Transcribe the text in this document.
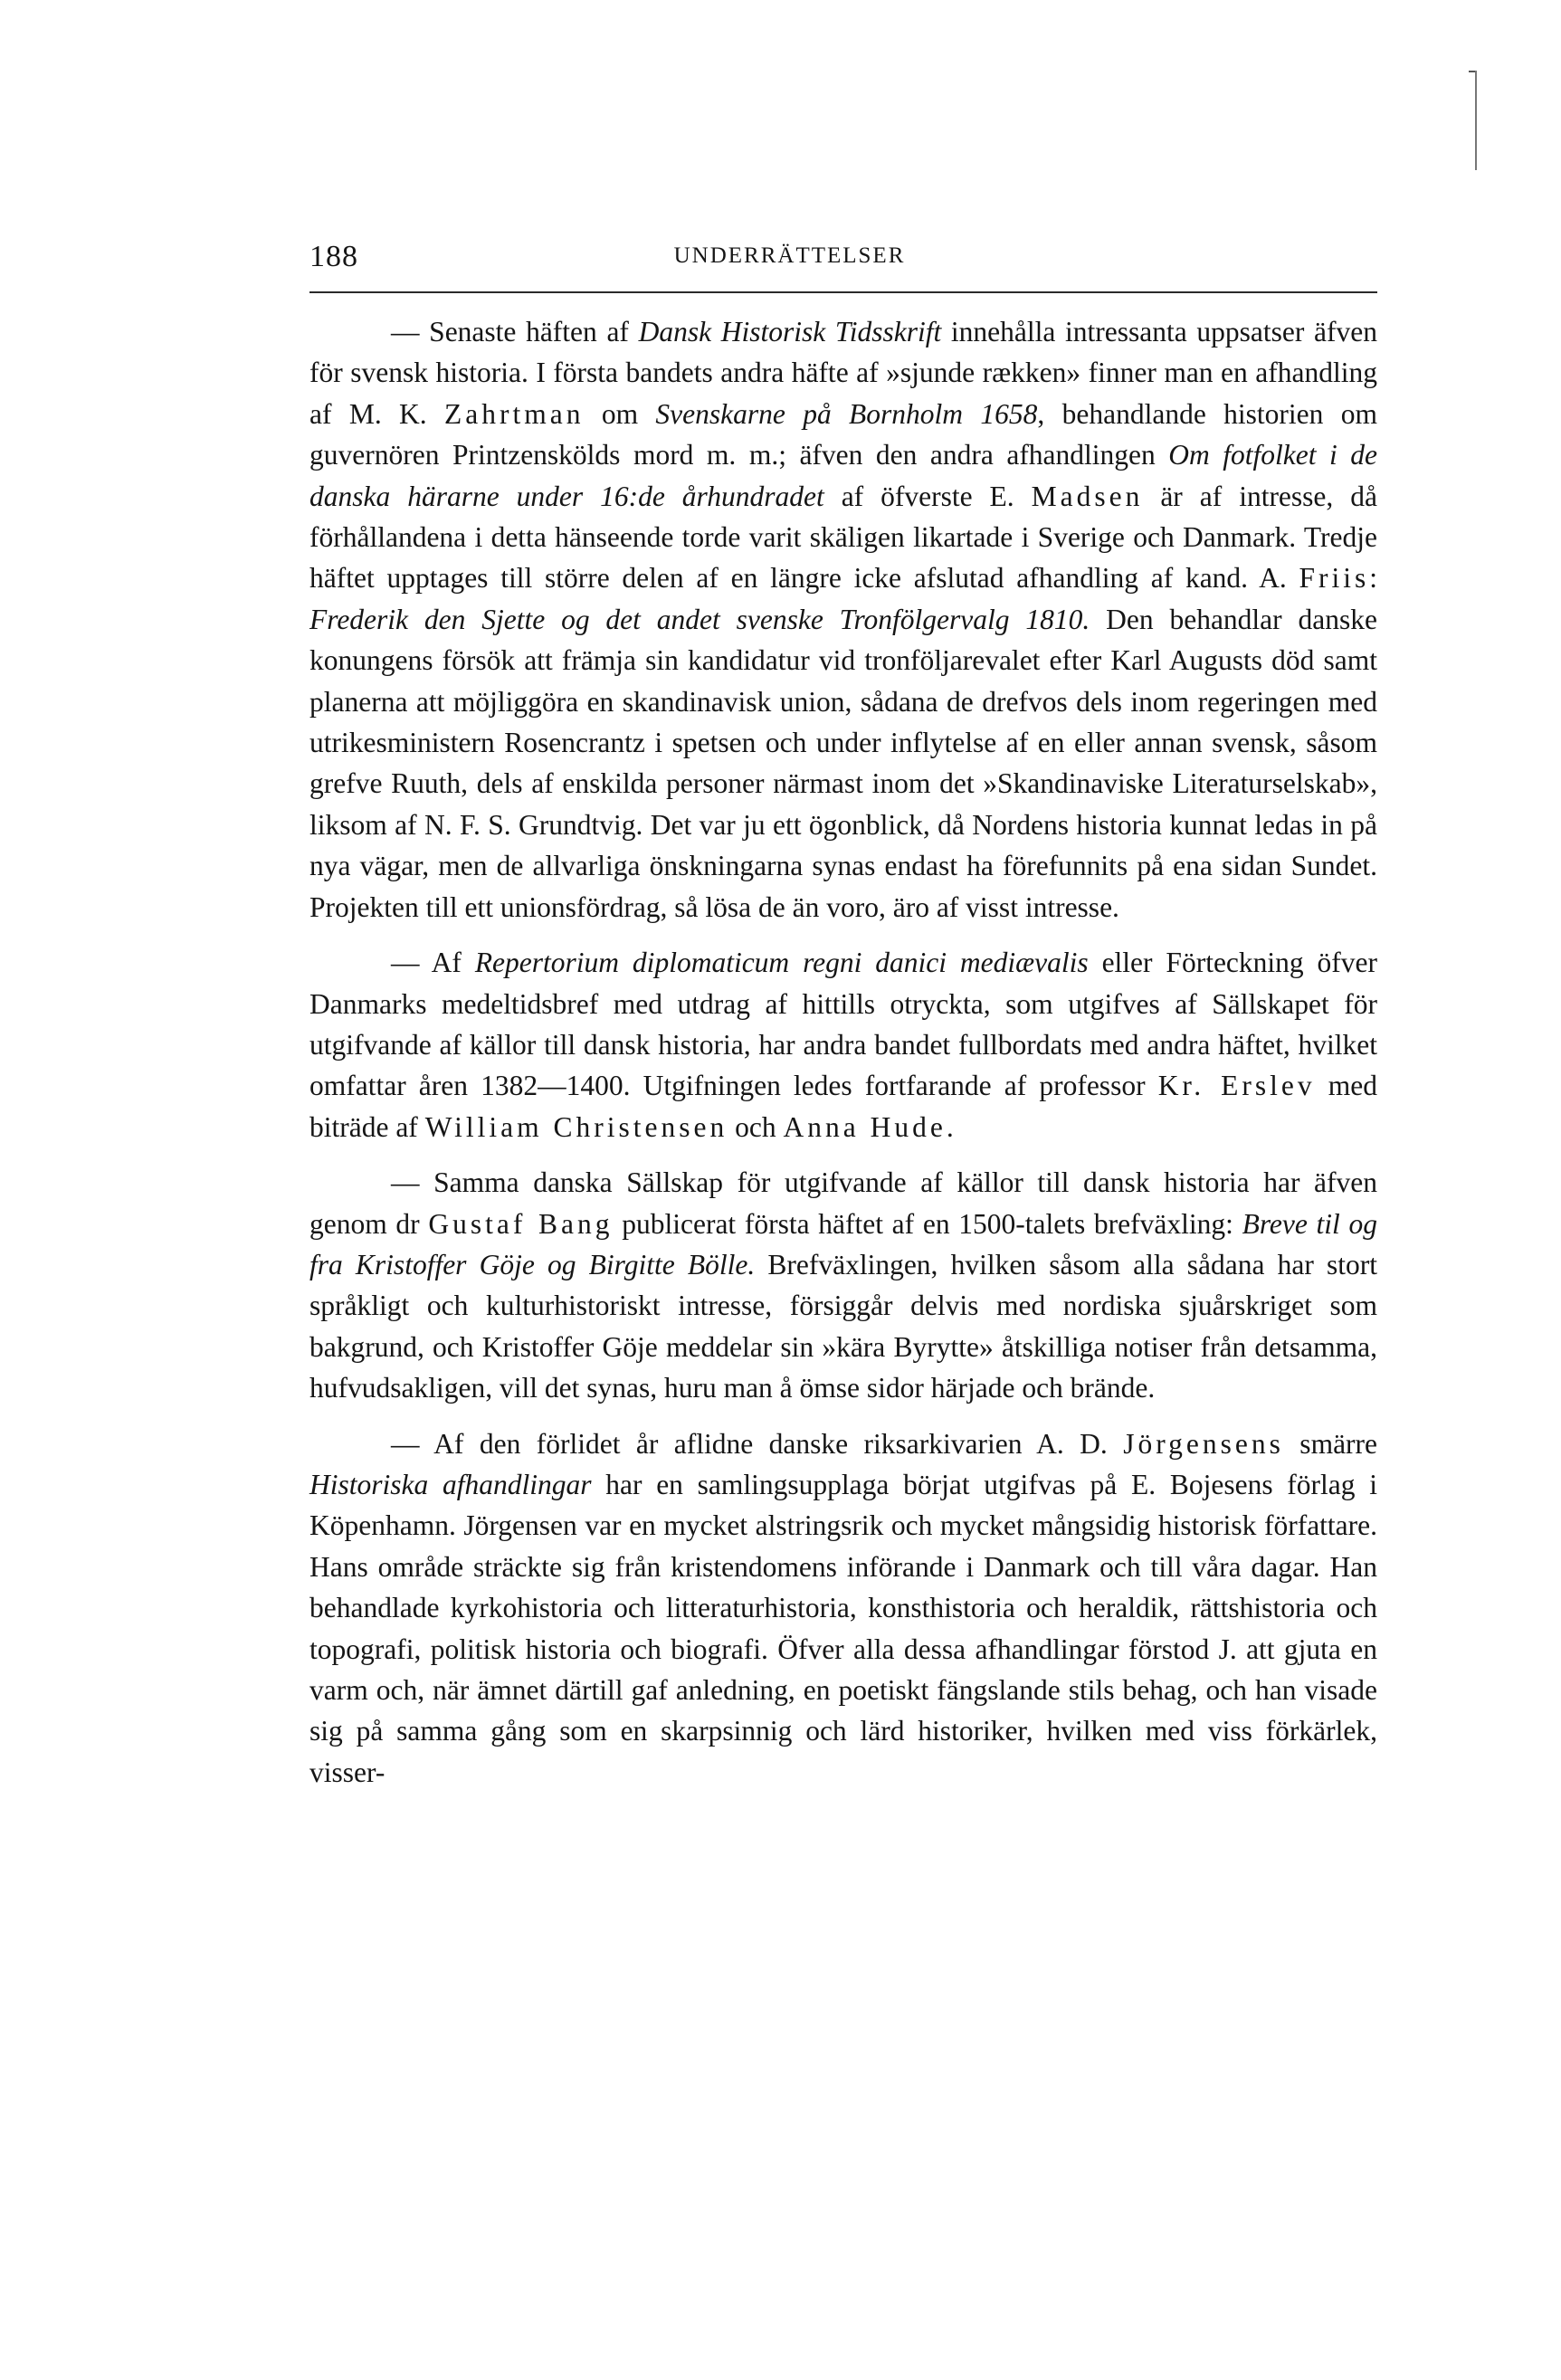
188	UNDERRÄTTELSER

— Senaste häften af Dansk Historisk Tidsskrift innehålla intressanta uppsatser äfven för svensk historia. I första bandets andra häfte af »sjunde rækken» finner man en afhandling af M. K. Zahrtman om Svenskarne på Bornholm 1658, behandlande historien om guvernören Printzenskölds mord m. m.; äfven den andra afhandlingen Om fotfolket i de danska härarne under 16:de århundradet af öfverste E. Madsen är af intresse, då förhållandena i detta hänseende torde varit skäligen likartade i Sverige och Danmark. Tredje häftet upptages till större delen af en längre icke afslutad afhandling af kand. A. Friis: Frederik den Sjette og det andet svenske Tronfölgervalg 1810. Den behandlar danske konungens försök att främja sin kandidatur vid tronföljarevalet efter Karl Augusts död samt planerna att möjliggöra en skandinavisk union, sådana de drefvos dels inom regeringen med utrikesministern Rosencrantz i spetsen och under inflytelse af en eller annan svensk, såsom grefve Ruuth, dels af enskilda personer närmast inom det »Skandinaviske Literaturselskab», liksom af N. F. S. Grundtvig. Det var ju ett ögonblick, då Nordens historia kunnat ledas in på nya vägar, men de allvarliga önskningarna synas endast ha förefunnits på ena sidan Sundet. Projekten till ett unionsfördrag, så lösa de än voro, äro af visst intresse.

— Af Repertorium diplomaticum regni danici mediævalis eller Förteckning öfver Danmarks medeltidsbref med utdrag af hittills otryckta, som utgifves af Sällskapet för utgifvande af källor till dansk historia, har andra bandet fullbordats med andra häftet, hvilket omfattar åren 1382—1400. Utgifningen ledes fortfarande af professor Kr. Erslev med biträde af William Christensen och Anna Hude.

— Samma danska Sällskap för utgifvande af källor till dansk historia har äfven genom dr Gustaf Bang publicerat första häftet af en 1500-talets brefväxling: Breve til og fra Kristoffer Göje og Birgitte Bölle. Brefväxlingen, hvilken såsom alla sådana har stort språkligt och kulturhistoriskt intresse, försiggår delvis med nordiska sjuårskriget som bakgrund, och Kristoffer Göje meddelar sin »kära Byrytte» åtskilliga notiser från detsamma, hufvudsakligen, vill det synas, huru man å ömse sidor härjade och brände.

— Af den förlidet år aflidne danske riksarkivarien A. D. Jörgensens smärre Historiska afhandlingar har en samlingsupplaga börjat utgifvas på E. Bojesens förlag i Köpenhamn. Jörgensen var en mycket alstringsrik och mycket mångsidig historisk författare. Hans område sträckte sig från kristendomens införande i Danmark och till våra dagar. Han behandlade kyrkohistoria och litteraturhistoria, konsthistoria och heraldik, rättshistoria och topografi, politisk historia och biografi. Öfver alla dessa afhandlingar förstod J. att gjuta en varm och, när ämnet därtill gaf anledning, en poetiskt fängslande stils behag, och han visade sig på samma gång som en skarpsinnig och lärd historiker, hvilken med viss förkärlek, visser-
